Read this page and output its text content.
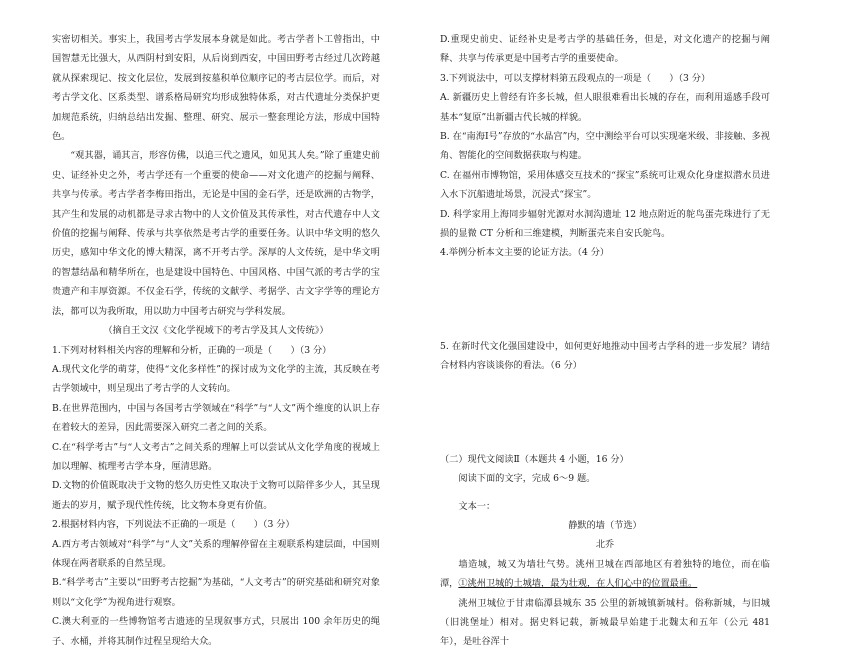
实密切相关。事实上，我国考古学发展本身就是如此。考古学者卜工曾指出，中国智慧无比强大，从西阴村到安阳，从后岗到西安，中国田野考古经过几次跨越就从探索现记、按文化层位，发展到按墓积单位顺序记的考古层位学。而后，对考古学文化、区系类型、谱系格局研究均形成独特体系，对古代遗址分类保护更加规范系统，归纳总结出发掘、整理、研究、展示一整套理论方法，形成中国特色。

“观其器，诵其言，形容仿佛，以追三代之遗风，如见其人矣。”除了重建史前史、证经补史之外，考古学还有一个重要的使命——对文化遗产的挖掘与阐释、共享与传承。考古学者李梅田指出，无论是中国的金石学，还是欧洲的古物学，其产生和发展的动机都是寻求古物中的人文价值及其传承性，对古代遗存中人文价值的挖掘与阐释、传承与共享依然是考古学的重要任务。认识中华文明的悠久历史，感知中华文化的博大精深，离不开考古学。深厚的人文传统，是中华文明的智慧结晶和精华所在，也是建设中国特色、中国风格、中国气派的考古学的宝贵遗产和丰厚资源。不仅金石学，传统的文献学、考据学、古文字学等的理论方法，都可以为我所取，用以助力中国考古研究与学科发展。

（摘自王文汉《文化学视域下的考古学及其人文传统》）

1.下列对材料相关内容的理解和分析，正确的一项是（　　）（3 分）

A.现代文化学的萌芽，使得“文化多样性”的探讨成为文化学的主流，其反映在考古学领域中，则呈现出了考古学的人文转向。

B.在世界范围内，中国与各国考古学领域在“科学”与“人文”两个维度的认识上存在着较大的差异，因此需要深入研究二者之间的关系。

C.在“科学考古”与“人文考古”之间关系的理解上可以尝试从文化学角度的视域上加以理解、梳理考古学本身，厘清思路。

D.文物的价值既取决于文物的悠久历史性又取决于文物可以陪伴多少人，其呈现逝去的岁月，赋予现代性传统，比文物本身更有价值。

2.根据材料内容，下列说法不正确的一项是（　　）（3 分）

A.西方考古领域对“科学”与“人文”关系的理解停留在主观联系构建层面，中国则体现在两者联系的自然呈现。

B.“科学考古”主要以“田野考古挖掘”为基础，“人文考古”的研究基础和研究对象则以“文化学”为视角进行观察。

C.澳大利亚的一些博物馆考古遗迹的呈现叙事方式，只展出 100 余年历史的绳子、水桶，并将其制作过程呈现给大众。

D.重现史前史、证经补史是考古学的基础任务，但是，对文化遗产的挖掘与阐释、共享与传承更是中国考古学的重要使命。

3.下列说法中，可以支撑材料第五段观点的一项是（　　）（3 分）

A. 新疆历史上曾经有许多长城，但人眼很难看出长城的存在，而利用遥感手段可基本“复原”出新疆古代长城的样貌。

B. 在“南海Ⅰ号”存放的“水晶宫”内，空中测绘平台可以实现毫米级、非接触、多视角、智能化的空间数据获取与构建。

C. 在福州市博物馆，采用体感交互技术的“探宝”系统可让观众化身虚拟潜水员进入水下沉船遗址场景，沉浸式“探宝”。

D. 科学家用上海同步辐射光源对水洞沟遗址 12 地点附近的鸵鸟蛋壳珠进行了无损的显微 CT 分析和三维建模，判断蛋壳来自安氏鸵鸟。

4.举例分析本文主要的论证方法。（4 分）

5. 在新时代文化强国建设中，如何更好地推动中国考古学科的进一步发展？请结合材料内容谈谈你的看法。（6 分）

（二）现代文阅读Ⅱ（本题共 4 小题，16 分）

阅读下面的文字，完成 6～9 题。

文本一：

静默的墙（节选）

北乔

墙造城，城又为墙壮气势。洮州卫城在西部地区有着独特的地位，而在临潭，①洮州卫城的土城墙，最为壮观，在人们心中的位置最重。

洮州卫城位于甘肃临潭县城东 35 公里的新城镇新城村。俗称新城，与旧城（旧洮堡址）相对。据史料记载，新城最早始建于北魏太和五年（公元 481 年），是吐谷浑十
